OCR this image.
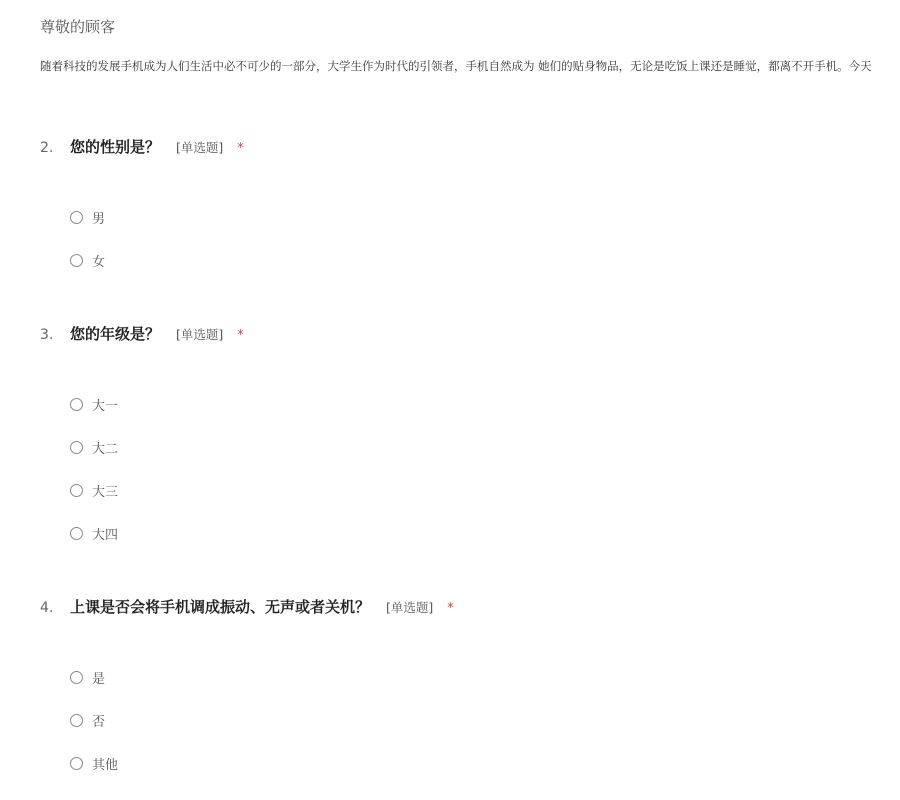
尊敬的顾客
随着科技的发展手机成为人们生活中必不可少的一部分，大学生作为时代的引领者，手机自然成为 她们的贴身物品，无论是吃饭上课还是睡觉，都离不开手机。今天
2.	您的性别是？ [单选题] *
男
女
3.	您的年级是？ [单选题] *
大一
大二
大三
大四
4.	上课是否会将手机调成振动、无声或者关机？ [单选题] *
是
否
其他
